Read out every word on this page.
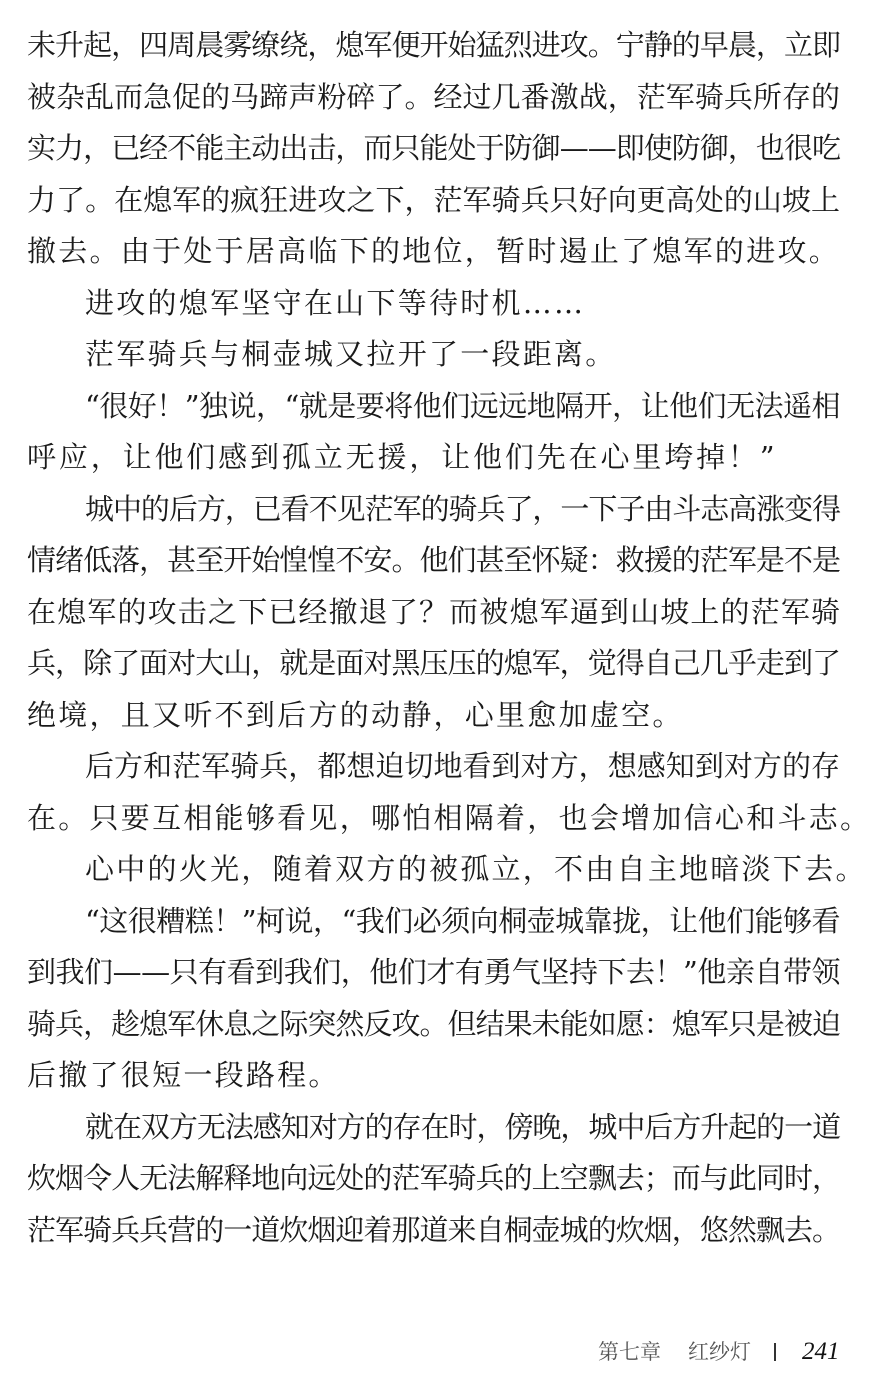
未升起，四周晨雾缭绕，熄军便开始猛烈进攻。宁静的早晨，立即
被杂乱而急促的马蹄声粉碎了。经过几番激战，茫军骑兵所存的
实力，已经不能主动出击，而只能处于防御——即使防御，也很吃
力了。在熄军的疯狂进攻之下，茫军骑兵只好向更高处的山坡上
撤去。由于处于居高临下的地位，暂时遏止了熄军的进攻。
进攻的熄军坚守在山下等待时机……
茫军骑兵与桐壶城又拉开了一段距离。
“很好！”独说，“就是要将他们远远地隔开，让他们无法遥相
呼应，让他们感到孤立无援，让他们先在心里垮掉！”
城中的后方，已看不见茫军的骑兵了，一下子由斗志高涨变得
情绪低落，甚至开始惶惶不安。他们甚至怀疑：救援的茫军是不是
在熄军的攻击之下已经撤退了？而被熄军逼到山坡上的茫军骑
兵，除了面对大山，就是面对黑压压的熄军，觉得自己几乎走到了
绝境，且又听不到后方的动静，心里愈加虚空。
后方和茫军骑兵，都想迫切地看到对方，想感知到对方的存
在。只要互相能够看见，哪怕相隔着，也会增加信心和斗志。
心中的火光，随着双方的被孤立，不由自主地暗淡下去。
“这很糟糕！”柯说，“我们必须向桐壶城靠拢，让他们能够看
到我们——只有看到我们，他们才有勇气坚持下去！”他亲自带领
骑兵，趁熄军休息之际突然反攻。但结果未能如愿：熄军只是被迫
后撤了很短一段路程。
就在双方无法感知对方的存在时，傍晚，城中后方升起的一道
炊烟令人无法解释地向远处的茫军骑兵的上空飘去；而与此同时，
茫军骑兵兵营的一道炊烟迎着那道来自桐壶城的炊烟，悠然飘去。
第七章 红纱灯 241
